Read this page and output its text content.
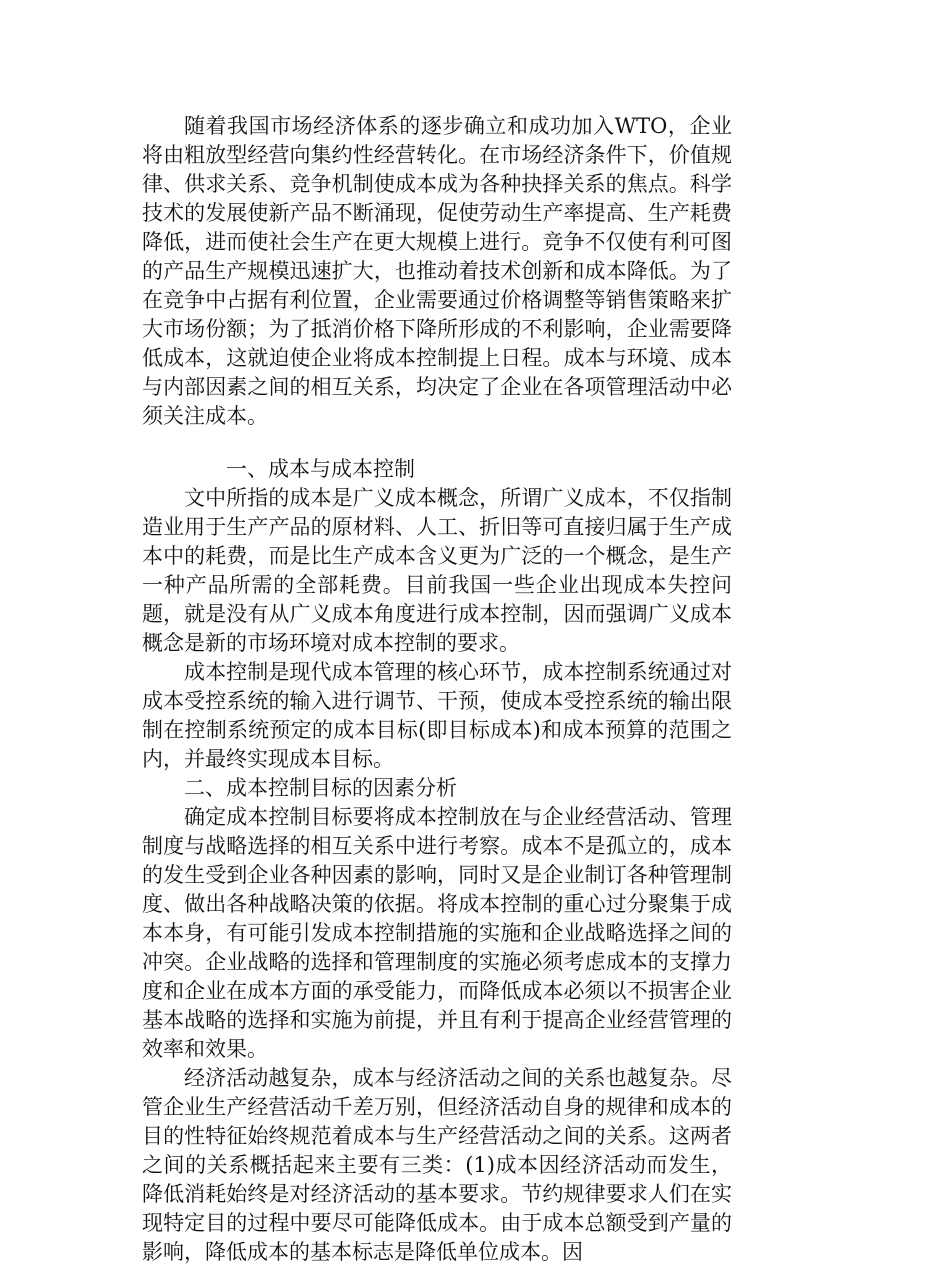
随着我国市场经济体系的逐步确立和成功加入WTO，企业将由粗放型经营向集约性经营转化。在市场经济条件下，价值规律、供求关系、竞争机制使成本成为各种抉择关系的焦点。科学技术的发展使新产品不断涌现，促使劳动生产率提高、生产耗费降低，进而使社会生产在更大规模上进行。竞争不仅使有利可图的产品生产规模迅速扩大，也推动着技术创新和成本降低。为了在竞争中占据有利位置，企业需要通过价格调整等销售策略来扩大市场份额；为了抵消价格下降所形成的不利影响，企业需要降低成本，这就迫使企业将成本控制提上日程。成本与环境、成本与内部因素之间的相互关系，均决定了企业在各项管理活动中必须关注成本。

一、成本与成本控制

文中所指的成本是广义成本概念，所谓广义成本，不仅指制造业用于生产产品的原材料、人工、折旧等可直接归属于生产成本中的耗费，而是比生产成本含义更为广泛的一个概念，是生产一种产品所需的全部耗费。目前我国一些企业出现成本失控问题，就是没有从广义成本角度进行成本控制，因而强调广义成本概念是新的市场环境对成本控制的要求。

成本控制是现代成本管理的核心环节，成本控制系统通过对成本受控系统的输入进行调节、干预，使成本受控系统的输出限制在控制系统预定的成本目标(即目标成本)和成本预算的范围之内，并最终实现成本目标。

二、成本控制目标的因素分析

确定成本控制目标要将成本控制放在与企业经营活动、管理制度与战略选择的相互关系中进行考察。成本不是孤立的，成本的发生受到企业各种因素的影响，同时又是企业制订各种管理制度、做出各种战略决策的依据。将成本控制的重心过分聚集于成本本身，有可能引发成本控制措施的实施和企业战略选择之间的冲突。企业战略的选择和管理制度的实施必须考虑成本的支撑力度和企业在成本方面的承受能力，而降低成本必须以不损害企业基本战略的选择和实施为前提，并且有利于提高企业经营管理的效率和效果。

经济活动越复杂，成本与经济活动之间的关系也越复杂。尽管企业生产经营活动千差万别，但经济活动自身的规律和成本的目的性特征始终规范着成本与生产经营活动之间的关系。这两者之间的关系概括起来主要有三类：(1)成本因经济活动而发生，降低消耗始终是对经济活动的基本要求。节约规律要求人们在实现特定目的过程中要尽可能降低成本。由于成本总额受到产量的影响，降低成本的基本标志是降低单位成本。因
